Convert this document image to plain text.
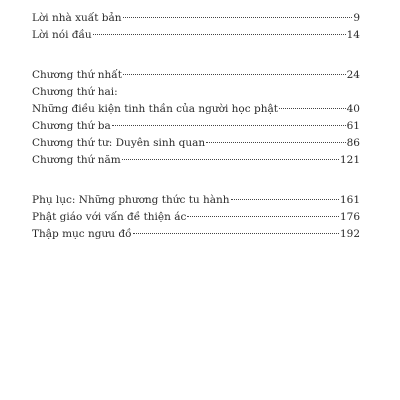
Lời nhà xuất bản	9
Lời nói đầu	14
Chương thứ nhất	24
Chương thứ hai:
Những điều kiện tinh thần của người học phật	40
Chương thứ ba	61
Chương thứ tư: Duyên sinh quan	86
Chương thứ năm	121
Phụ lục: Những phương thức tu hành	161
Phật giáo với vấn đề thiện ác	176
Thập mục ngưu đồ	192
